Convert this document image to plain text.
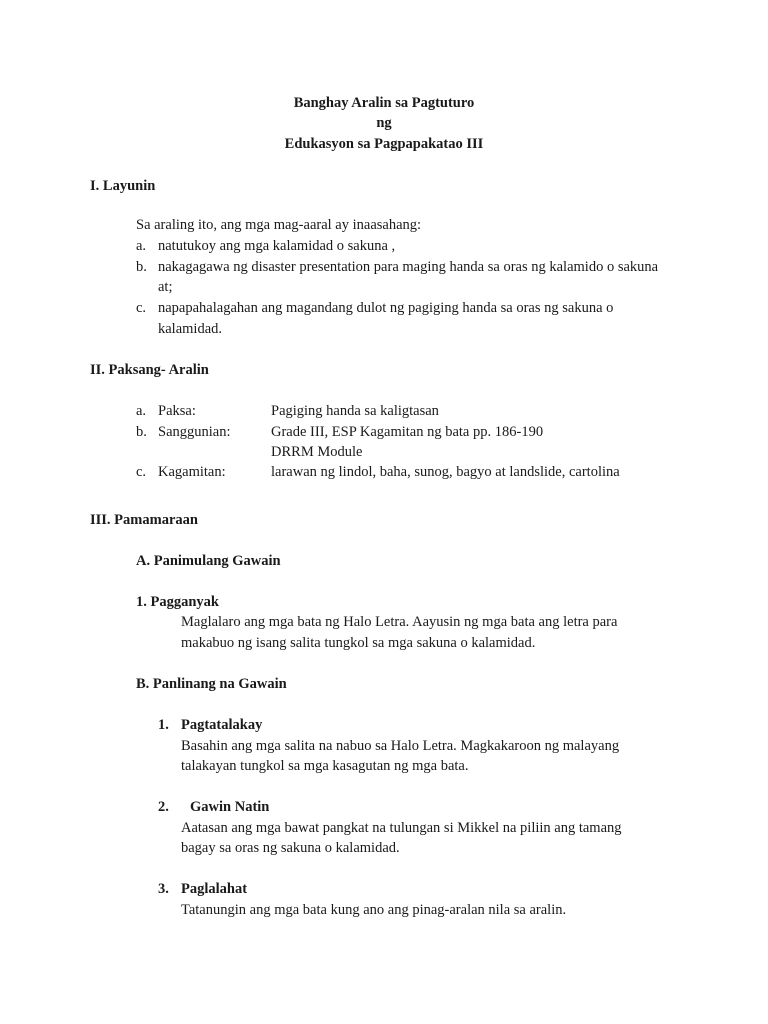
Banghay Aralin sa Pagtuturo
ng
Edukasyon sa Pagpapakatao III
I. Layunin
Sa araling ito, ang mga mag-aaral ay inaasahang:
a. natutukoy ang mga kalamidad o sakuna ,
b. nakagagawa ng disaster presentation para maging handa sa oras ng kalamido o sakuna
at;
c. napapahalagahan ang magandang dulot ng pagiging handa sa oras ng sakuna o
kalamidad.
II. Paksang- Aralin
a. Paksa:	Pagiging handa sa kaligtasan
b. Sanggunian:	Grade III, ESP Kagamitan ng bata pp. 186-190
DRRM Module
c. Kagamitan:	larawan ng lindol, baha, sunog, bagyo at landslide, cartolina
III. Pamamaraan
A. Panimulang Gawain
1. Pagganyak
Maglalaro ang mga bata ng Halo Letra. Aayusin ng mga bata ang letra para
makabuo ng isang salita tungkol sa mga sakuna o kalamidad.
B. Panlinang na Gawain
1. Pagtatalakay
Basahin ang mga salita na nabuo sa Halo Letra. Magkakaroon ng malayang
talakayan tungkol sa mga kasagutan ng mga bata.
2. Gawin Natin
Aatasan ang mga bawat pangkat na tulungan si Mikkel na piliin ang tamang
bagay sa oras ng sakuna o kalamidad.
3. Paglalahat
Tatanungin ang mga bata kung ano ang pinag-aralan nila sa aralin.
